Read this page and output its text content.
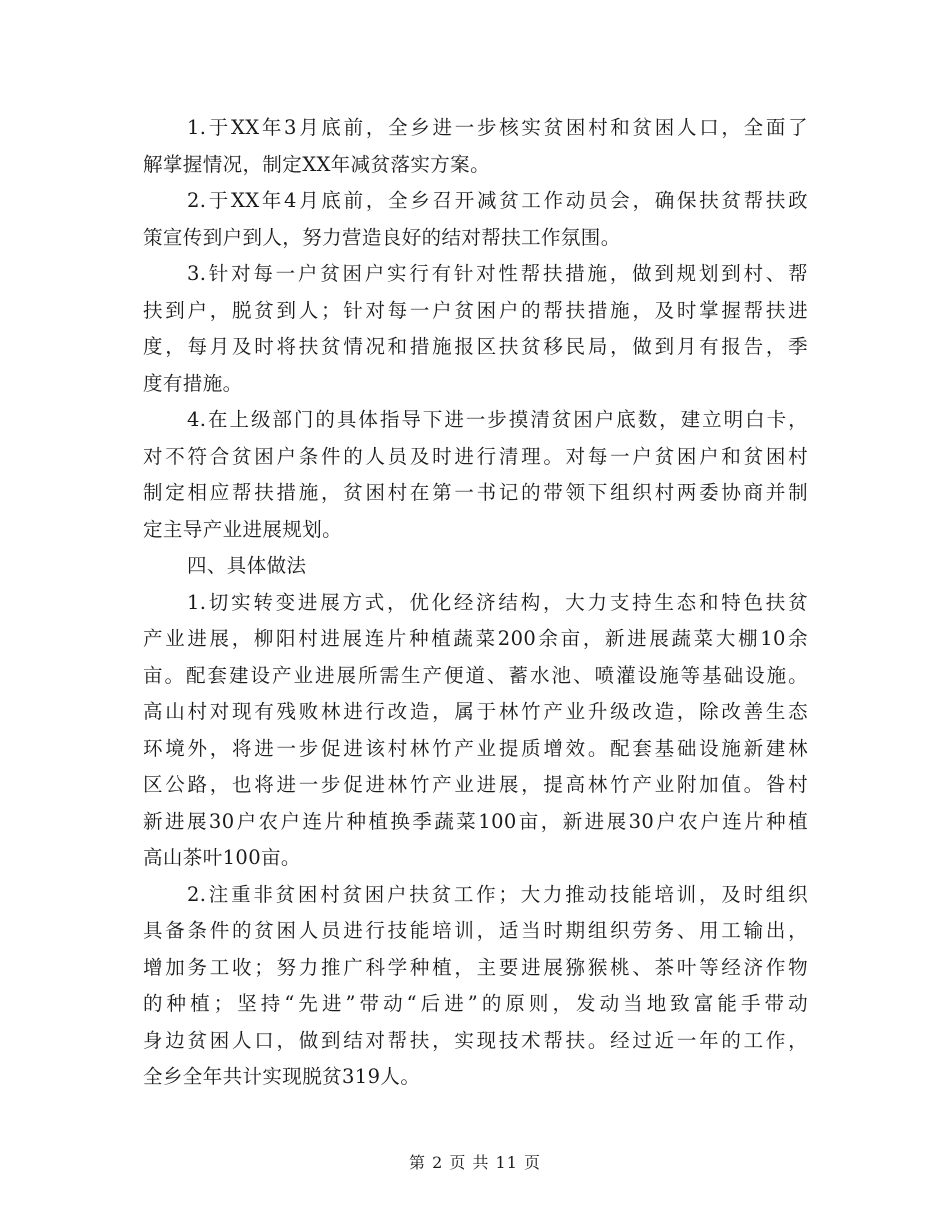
1.于XX年3月底前，全乡进一步核实贫困村和贫困人口，全面了
解掌握情况，制定XX年减贫落实方案。
2.于XX年4月底前，全乡召开减贫工作动员会，确保扶贫帮扶政
策宣传到户到人，努力营造良好的结对帮扶工作氛围。
3.针对每一户贫困户实行有针对性帮扶措施，做到规划到村、帮
扶到户，脱贫到人；针对每一户贫困户的帮扶措施，及时掌握帮扶进
度，每月及时将扶贫情况和措施报区扶贫移民局，做到月有报告，季
度有措施。
4.在上级部门的具体指导下进一步摸清贫困户底数，建立明白卡，
对不符合贫困户条件的人员及时进行清理。对每一户贫困户和贫困村
制定相应帮扶措施，贫困村在第一书记的带领下组织村两委协商并制
定主导产业进展规划。
四、具体做法
1.切实转变进展方式，优化经济结构，大力支持生态和特色扶贫
产业进展，柳阳村进展连片种植蔬菜200余亩，新进展蔬菜大棚10余
亩。配套建设产业进展所需生产便道、蓄水池、喷灌设施等基础设施。
高山村对现有残败林进行改造，属于林竹产业升级改造，除改善生态
环境外，将进一步促进该村林竹产业提质增效。配套基础设施新建林
区公路，也将进一步促进林竹产业进展，提高林竹产业附加值。昝村
新进展30户农户连片种植换季蔬菜100亩，新进展30户农户连片种植
高山茶叶100亩。
2.注重非贫困村贫困户扶贫工作；大力推动技能培训，及时组织
具备条件的贫困人员进行技能培训，适当时期组织劳务、用工输出，
增加务工收；努力推广科学种植，主要进展猕猴桃、茶叶等经济作物
的种植；坚持“先进”带动“后进”的原则，发动当地致富能手带动
身边贫困人口，做到结对帮扶，实现技术帮扶。经过近一年的工作，
全乡全年共计实现脱贫319人。
第 2 页 共 11 页
